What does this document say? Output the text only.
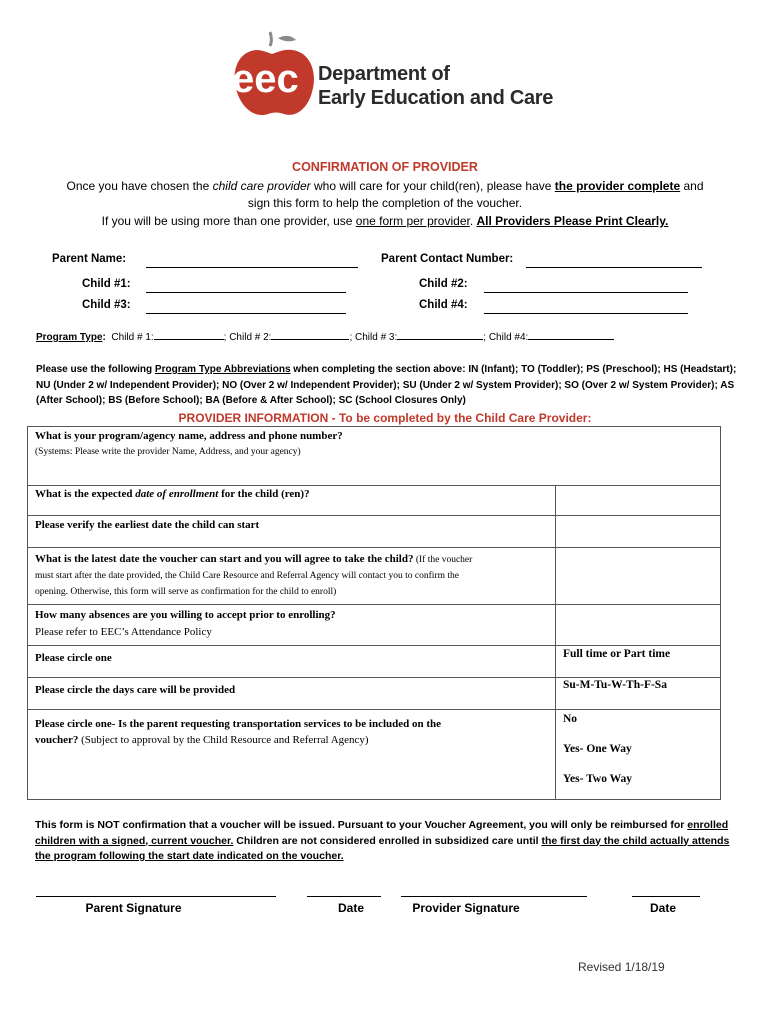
eec Department of
Early Education and Care
CONFIRMATION OF PROVIDER
Once you have chosen the child care provider who will care for your child(ren), please have the provider complete and
sign this form to help the completion of the voucher.
If you will be using more than one provider, use one form per provider. All Providers Please Print Clearly.
Parent Name:	Parent Contact Number:
Child #1:	Child #2:
Child #3:	Child #4:
Program Type: Child # 1:	; Child # 2:	; Child # 3:	; Child #4:
Please use the following Program Type Abbreviations when completing the section above: IN (Infant); TO (Toddler); PS (Preschool); HS (Headstart); NU (Under 2 w/ Independent Provider); NO (Over 2 w/ Independent Provider); SU (Under 2 w/ System Provider); SO (Over 2 w/ System Provider); AS (After School); BS (Before School); BA (Before & After School); SC (School Closures Only)
PROVIDER INFORMATION - To be completed by the Child Care Provider:
What is your program/agency name, address and phone number?
(Systems: Please write the provider Name, Address, and your agency)
What is the expected date of enrollment for the child (ren)?
Please verify the earliest date the child can start
What is the latest date the voucher can start and you will agree to take the child? (If the voucher
must start after the date provided, the Child Care Resource and Referral Agency will contact you to confirm the
opening. Otherwise, this form will serve as confirmation for the child to enroll)
How many absences are you willing to accept prior to enrolling?
Please refer to EEC’s Attendance Policy
Please circle one	Full time or Part time
Please circle the days care will be provided	Su-M-Tu-W-Th-F-Sa
Please circle one- Is the parent requesting transportation services to be included on the
voucher? (Subject to approval by the Child Resource and Referral Agency)
No
Yes- One Way
Yes- Two Way
This form is NOT confirmation that a voucher will be issued. Pursuant to your Voucher Agreement, you will only be reimbursed for enrolled children with a signed, current voucher. Children are not considered enrolled in subsidized care until the first day the child actually attends the program following the start date indicated on the voucher.
Parent Signature	Date	Provider Signature	Date
Revised 1/18/19
